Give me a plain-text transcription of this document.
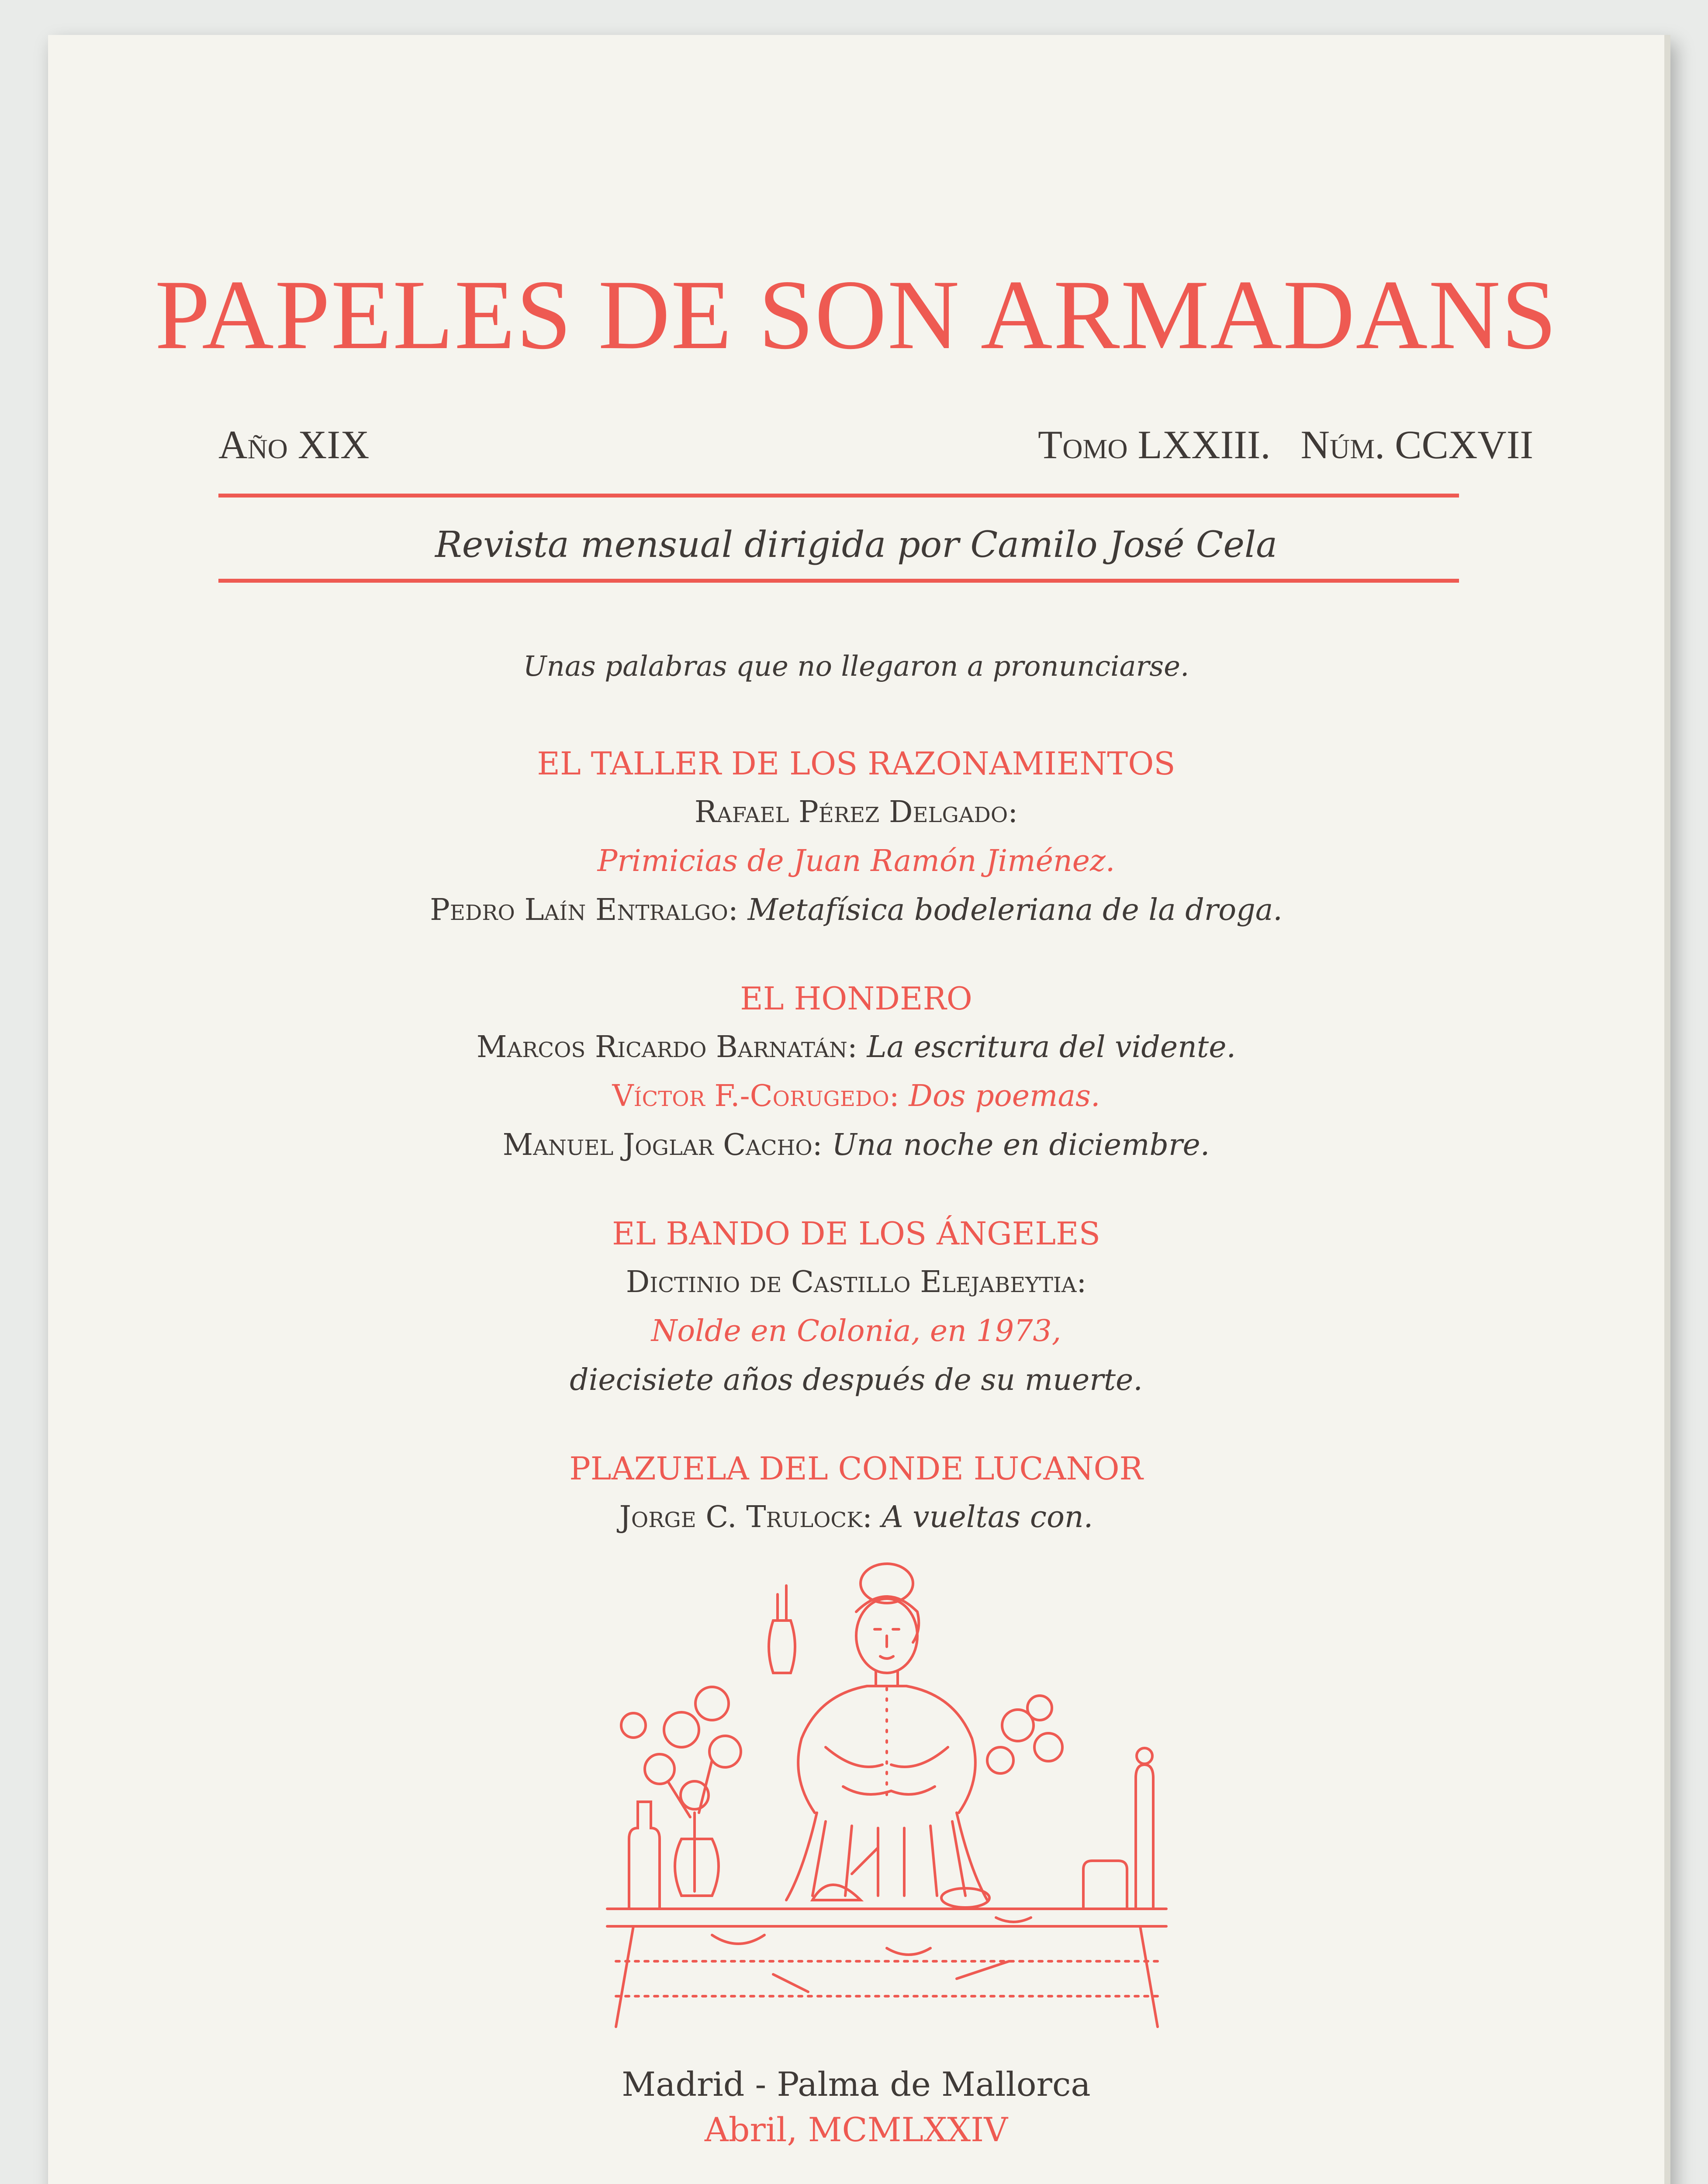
PAPELES DE SON ARMADANS
Año XIX	Tomo LXXIII. Núm. CCXVII
Revista mensual dirigida por Camilo José Cela
Unas palabras que no llegaron a pronunciarse.
EL TALLER DE LOS RAZONAMIENTOS
Rafael Pérez Delgado:
Primicias de Juan Ramón Jiménez.
Pedro Laín Entralgo: Metafísica bodeleriana de la droga.
EL HONDERO
Marcos Ricardo Barnatán: La escritura del vidente.
Víctor F.-Corugedo: Dos poemas.
Manuel Joglar Cacho: Una noche en diciembre.
EL BANDO DE LOS ÁNGELES
Dictinio de Castillo Elejabeytia:
Nolde en Colonia, en 1973,
diecisiete años después de su muerte.
PLAZUELA DEL CONDE LUCANOR
Jorge C. Trulock: A vueltas con.
Madrid - Palma de Mallorca
Abril, MCMLXXIV
